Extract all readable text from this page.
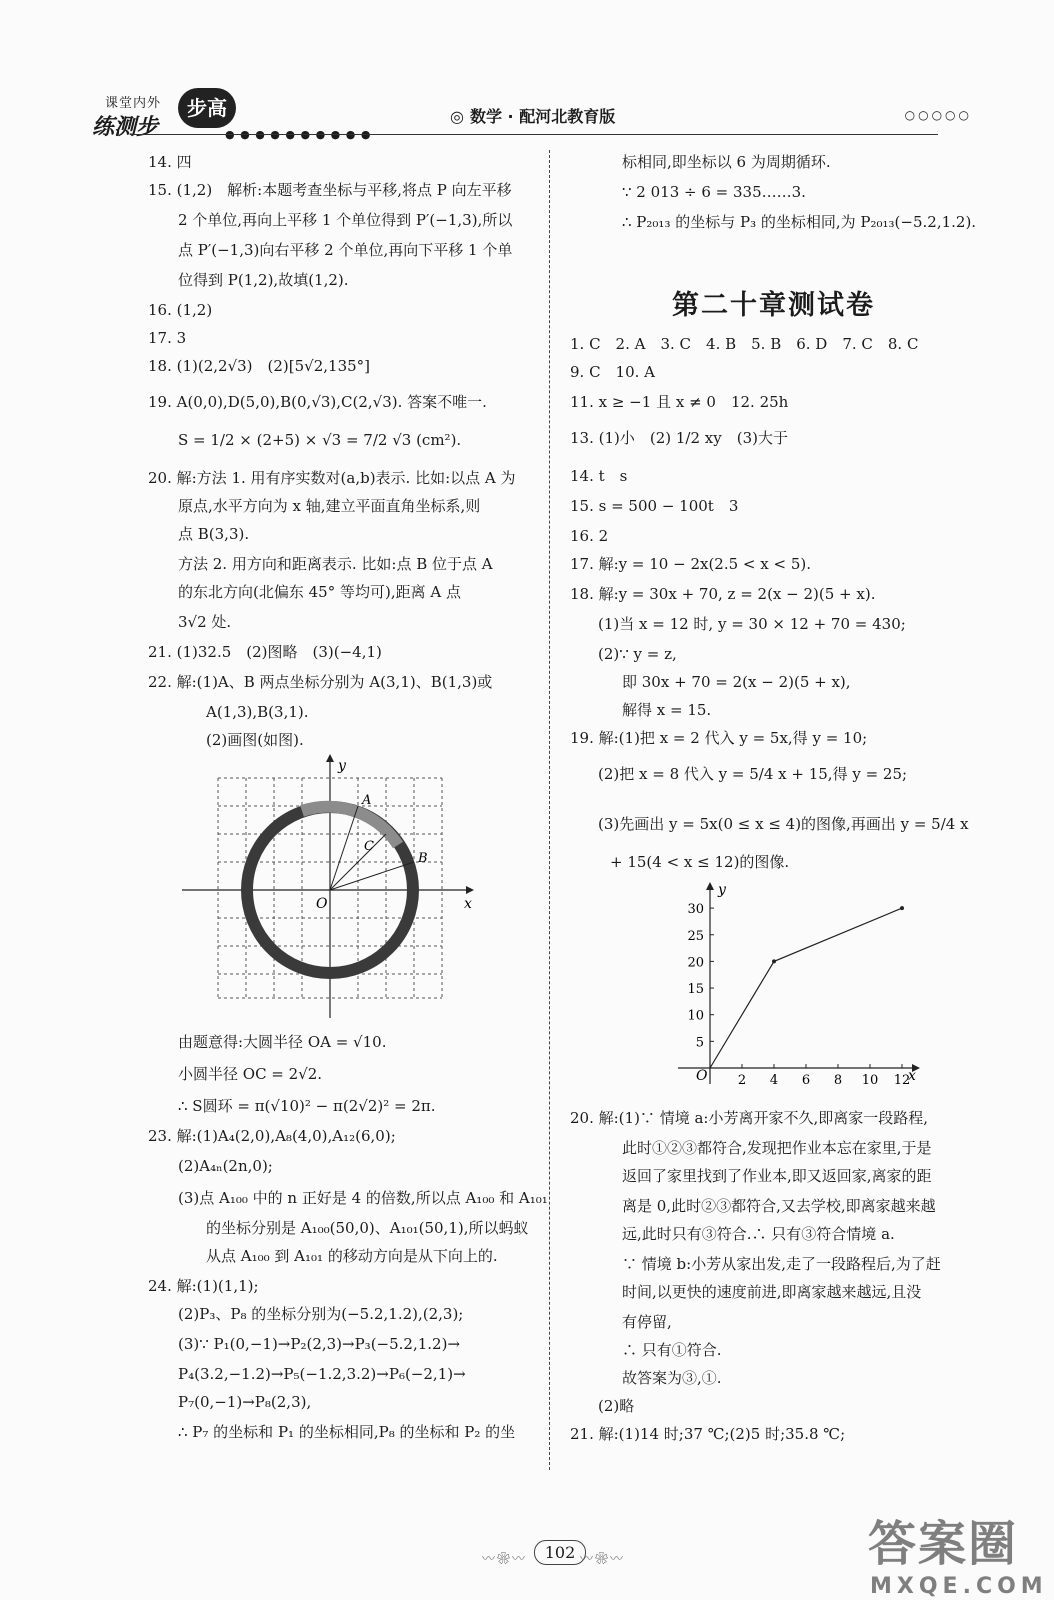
课堂内外
练测步
步高
● ● ● ● ● ● ● ● ● ●
◎ 数学 · 配河北教育版	○○○○○
14. 四
15. (1,2)　解析:本题考查坐标与平移,将点 P 向左平移
2 个单位,再向上平移 1 个单位得到 P′(−1,3),所以
点 P′(−1,3)向右平移 2 个单位,再向下平移 1 个单
位得到 P(1,2),故填(1,2).
16. (1,2)
17. 3
18. (1)(2,2√3)　(2)[5√2,135°]
19. A(0,0),D(5,0),B(0,√3),C(2,√3). 答案不唯一.
S = 1/2 × (2+5) × √3 = 7/2 √3 (cm²).
20. 解:方法 1. 用有序实数对(a,b)表示. 比如:以点 A 为
原点,水平方向为 x 轴,建立平面直角坐标系,则
点 B(3,3).
方法 2. 用方向和距离表示. 比如:点 B 位于点 A
的东北方向(北偏东 45° 等均可),距离 A 点
3√2 处.
21. (1)32.5　(2)图略　(3)(−4,1)
22. 解:(1)A、B 两点坐标分别为 A(3,1)、B(1,3)或
A(1,3),B(3,1).
(2)画图(如图).
y
x
O
A
B
C
由题意得:大圆半径 OA = √10.
小圆半径 OC = 2√2.
∴ S圆环 = π(√10)² − π(2√2)² = 2π.
23. 解:(1)A₄(2,0),A₈(4,0),A₁₂(6,0);
(2)A₄ₙ(2n,0);
(3)点 A₁₀₀ 中的 n 正好是 4 的倍数,所以点 A₁₀₀ 和 A₁₀₁
的坐标分别是 A₁₀₀(50,0)、A₁₀₁(50,1),所以蚂蚁
从点 A₁₀₀ 到 A₁₀₁ 的移动方向是从下向上的.
24. 解:(1)(1,1);
(2)P₃、P₈ 的坐标分别为(−5.2,1.2),(2,3);
(3)∵ P₁(0,−1)→P₂(2,3)→P₃(−5.2,1.2)→
P₄(3.2,−1.2)→P₅(−1.2,3.2)→P₆(−2,1)→
P₇(0,−1)→P₈(2,3),
∴ P₇ 的坐标和 P₁ 的坐标相同,P₈ 的坐标和 P₂ 的坐
标相同,即坐标以 6 为周期循环.
∵ 2 013 ÷ 6 = 335……3.
∴ P₂₀₁₃ 的坐标与 P₃ 的坐标相同,为 P₂₀₁₃(−5.2,1.2).
第二十章测试卷
1. C　2. A　3. C　4. B　5. B　6. D　7. C　8. C
9. C　10. A
11. x ≥ −1 且 x ≠ 0　12. 25h
13. (1)小　(2) 1/2 xy　(3)大于
14. t　s
15. s = 500 − 100t　3
16. 2
17. 解:y = 10 − 2x(2.5 < x < 5).
18. 解:y = 30x + 70, z = 2(x − 2)(5 + x).
(1)当 x = 12 时, y = 30 × 12 + 70 = 430;
(2)∵ y = z,
即 30x + 70 = 2(x − 2)(5 + x),
解得 x = 15.
19. 解:(1)把 x = 2 代入 y = 5x,得 y = 10;
(2)把 x = 8 代入 y = 5/4 x + 15,得 y = 25;
(3)先画出 y = 5x(0 ≤ x ≤ 4)的图像,再画出 y = 5/4 x
+ 15(4 < x ≤ 12)的图像.
2 4 6 8 10 12
5
10
15
20
25
30
y
x
O
20. 解:(1)∵ 情境 a:小芳离开家不久,即离家一段路程,
此时①②③都符合,发现把作业本忘在家里,于是
返回了家里找到了作业本,即又返回家,离家的距
离是 0,此时②③都符合,又去学校,即离家越来越
远,此时只有③符合.∴ 只有③符合情境 a.
∵ 情境 b:小芳从家出发,走了一段路程后,为了赶
时间,以更快的速度前进,即离家越来越远,且没
有停留,
∴ 只有①符合.
故答案为③,①.
(2)略
21. 解:(1)14 时;37 ℃;(2)5 时;35.8 ℃;
〰❀〰	102 〰❀〰	答案圈
MXQE.COM
